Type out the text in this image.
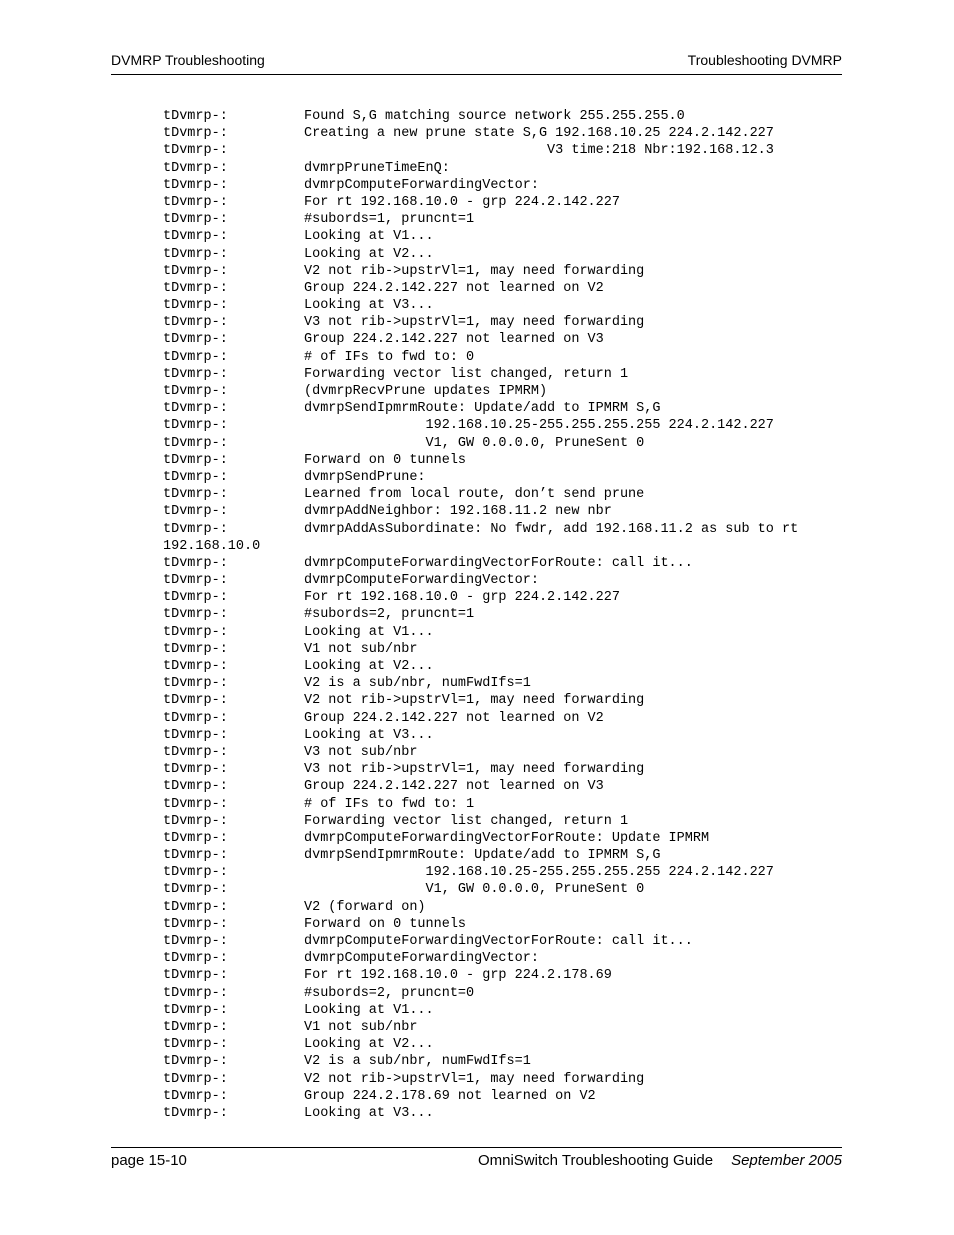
DVMRP Troubleshooting	Troubleshooting DVMRP
tDvmrp-:	Found S,G matching source network 255.255.255.0
tDvmrp-:	Creating a new prune state S,G 192.168.10.25 224.2.142.227
tDvmrp-:	V3 time:218 Nbr:192.168.12.3
tDvmrp-:	dvmrpPruneTimeEnQ:
tDvmrp-:	dvmrpComputeForwardingVector:
tDvmrp-:	For rt 192.168.10.0 - grp 224.2.142.227
tDvmrp-:	#subords=1, pruncnt=1
tDvmrp-:	Looking at V1...
tDvmrp-:	Looking at V2...
tDvmrp-:	V2 not rib->upstrVl=1, may need forwarding
tDvmrp-:	Group 224.2.142.227 not learned on V2
tDvmrp-:	Looking at V3...
tDvmrp-:	V3 not rib->upstrVl=1, may need forwarding
tDvmrp-:	Group 224.2.142.227 not learned on V3
tDvmrp-:	# of IFs to fwd to: 0
tDvmrp-:	Forwarding vector list changed, return 1
tDvmrp-:	(dvmrpRecvPrune updates IPMRM)
tDvmrp-:	dvmrpSendIpmrmRoute: Update/add to IPMRM S,G
tDvmrp-:	192.168.10.25-255.255.255.255 224.2.142.227
tDvmrp-:	V1, GW 0.0.0.0, PruneSent 0
tDvmrp-:	Forward on 0 tunnels
tDvmrp-:	dvmrpSendPrune:
tDvmrp-:	Learned from local route, don’t send prune
tDvmrp-:	dvmrpAddNeighbor: 192.168.11.2 new nbr
tDvmrp-:	dvmrpAddAsSubordinate: No fwdr, add 192.168.11.2 as sub to rt
192.168.10.0
tDvmrp-:	dvmrpComputeForwardingVectorForRoute: call it...
tDvmrp-:	dvmrpComputeForwardingVector:
tDvmrp-:	For rt 192.168.10.0 - grp 224.2.142.227
tDvmrp-:	#subords=2, pruncnt=1
tDvmrp-:	Looking at V1...
tDvmrp-:	V1 not sub/nbr
tDvmrp-:	Looking at V2...
tDvmrp-:	V2 is a sub/nbr, numFwdIfs=1
tDvmrp-:	V2 not rib->upstrVl=1, may need forwarding
tDvmrp-:	Group 224.2.142.227 not learned on V2
tDvmrp-:	Looking at V3...
tDvmrp-:	V3 not sub/nbr
tDvmrp-:	V3 not rib->upstrVl=1, may need forwarding
tDvmrp-:	Group 224.2.142.227 not learned on V3
tDvmrp-:	# of IFs to fwd to: 1
tDvmrp-:	Forwarding vector list changed, return 1
tDvmrp-:	dvmrpComputeForwardingVectorForRoute: Update IPMRM
tDvmrp-:	dvmrpSendIpmrmRoute: Update/add to IPMRM S,G
tDvmrp-:	192.168.10.25-255.255.255.255 224.2.142.227
tDvmrp-:	V1, GW 0.0.0.0, PruneSent 0
tDvmrp-:	V2 (forward on)
tDvmrp-:	Forward on 0 tunnels
tDvmrp-:	dvmrpComputeForwardingVectorForRoute: call it...
tDvmrp-:	dvmrpComputeForwardingVector:
tDvmrp-:	For rt 192.168.10.0 - grp 224.2.178.69
tDvmrp-:	#subords=2, pruncnt=0
tDvmrp-:	Looking at V1...
tDvmrp-:	V1 not sub/nbr
tDvmrp-:	Looking at V2...
tDvmrp-:	V2 is a sub/nbr, numFwdIfs=1
tDvmrp-:	V2 not rib->upstrVl=1, may need forwarding
tDvmrp-:	Group 224.2.178.69 not learned on V2
tDvmrp-:	Looking at V3...
page 15-10	OmniSwitch Troubleshooting Guide September 2005
